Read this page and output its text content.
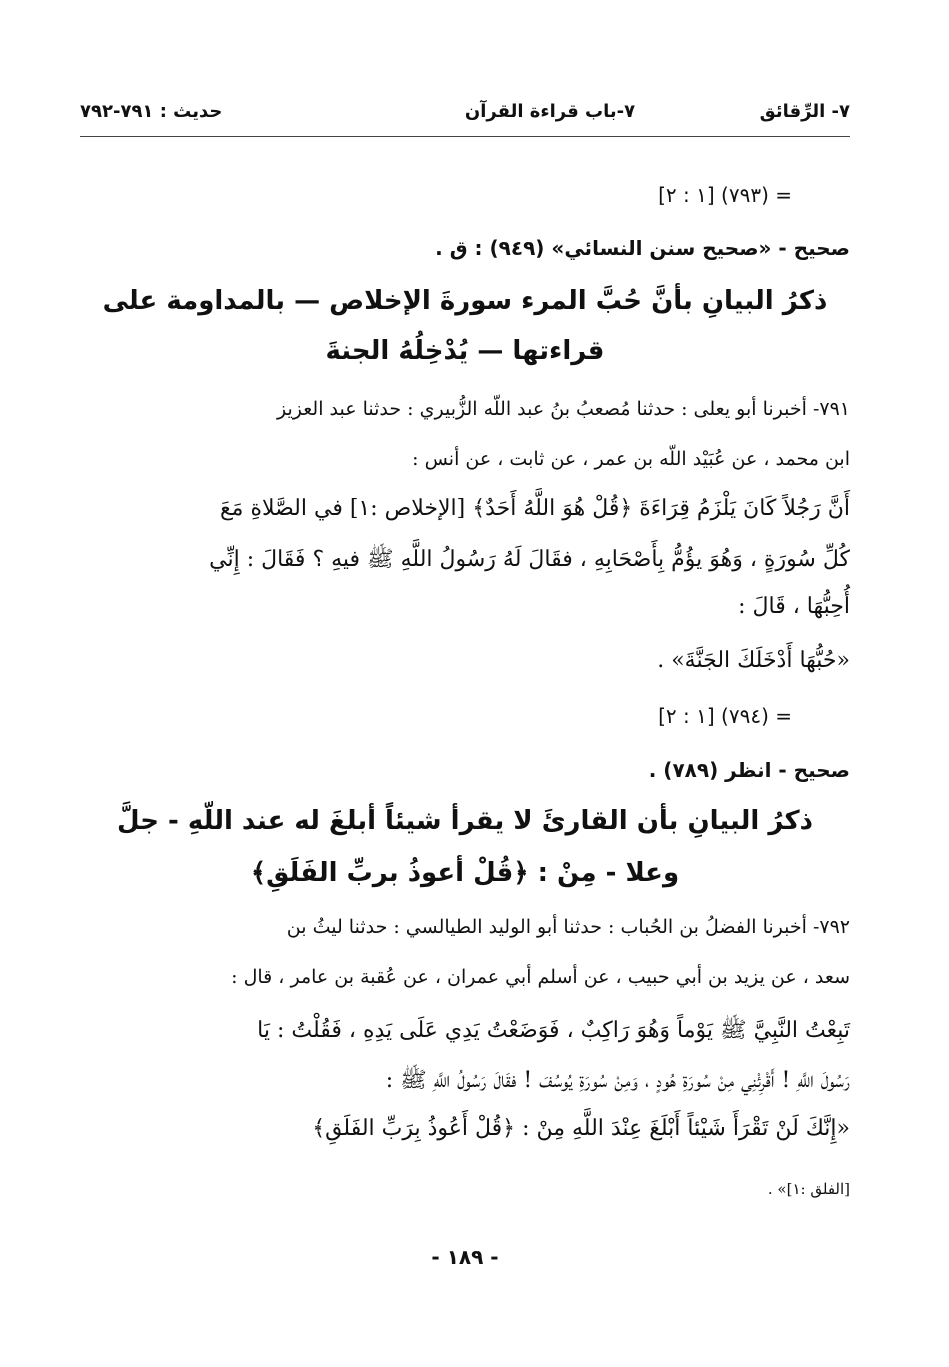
٧- الرِّقائق
٧-باب قراءة القرآن
حديث : ٧٩١-٧٩٢
= (٧٩٣) [١ : ٢]
صحيح - «صحيح سنن النسائي» (٩٤٩) : ق .
ذكرُ البيانِ بأنَّ حُبَّ المرء سورةَ الإخلاص — بالمداومة على
قراءتها — يُدْخِلُهُ الجنةَ
٧٩١- أخبرنا أبو يعلى : حدثنا مُصعبُ بنُ عبد اللّه الزُّبيري : حدثنا عبد العزيز
ابن محمد ، عن عُبَيْد اللّه بن عمر ، عن ثابت ، عن أنس :
أَنَّ رَجُلاً كَانَ يَلْزَمُ قِرَاءَةَ ﴿قُلْ هُوَ اللَّهُ أَحَدٌ﴾ [الإخلاص :١] في الصَّلاةِ مَعَ
كُلِّ سُورَةٍ ، وَهُوَ يؤُمُّ بِأَصْحَابِهِ ، فقَالَ لَهُ رَسُولُ اللَّهِ ﷺ فيهِ ؟ فَقَالَ : إِنِّي
أُحِبُّهَا ، قَالَ :
«حُبُّهَا أَدْخَلَكَ الجَنَّةَ» .
= (٧٩٤) [١ : ٢]
صحيح - انظر (٧٨٩) .
ذكرُ البيانِ بأن القارئَ لا يقرأ شيئاً أبلغَ له عند اللّهِ - جلَّ
وعلا - مِنْ : ﴿قُلْ أعوذُ بربِّ الفَلَقِ﴾
٧٩٢- أخبرنا الفضلُ بن الحُباب : حدثنا أبو الوليد الطيالسي : حدثنا ليثُ بن
سعد ، عن يزيد بن أبي حبيب ، عن أسلم أبي عمران ، عن عُقبة بن عامر ، قال :
تَبِعْتُ النَّبِيَّ ﷺ يَوْماً وَهُوَ رَاكِبٌ ، فَوَضَعْتُ يَدِي عَلَى يَدِهِ ، فَقُلْتُ : يَا
رَسُولَ اللَّهِ ! أَقْرِئْنِي مِنْ سُورَةِ هُودٍ ، وَمِنْ سُورَةِ يُوسُفَ ! فقَالَ رَسُولُ اللَّهِ ﷺ :
«إِنَّكَ لَنْ تَقْرَأَ شَيْئاً أَبْلَغَ عِنْدَ اللَّهِ مِنْ : ﴿قُلْ أَعُوذُ بِرَبِّ الفَلَقِ﴾
[الفلق :١]» .
- ١٨٩ -
